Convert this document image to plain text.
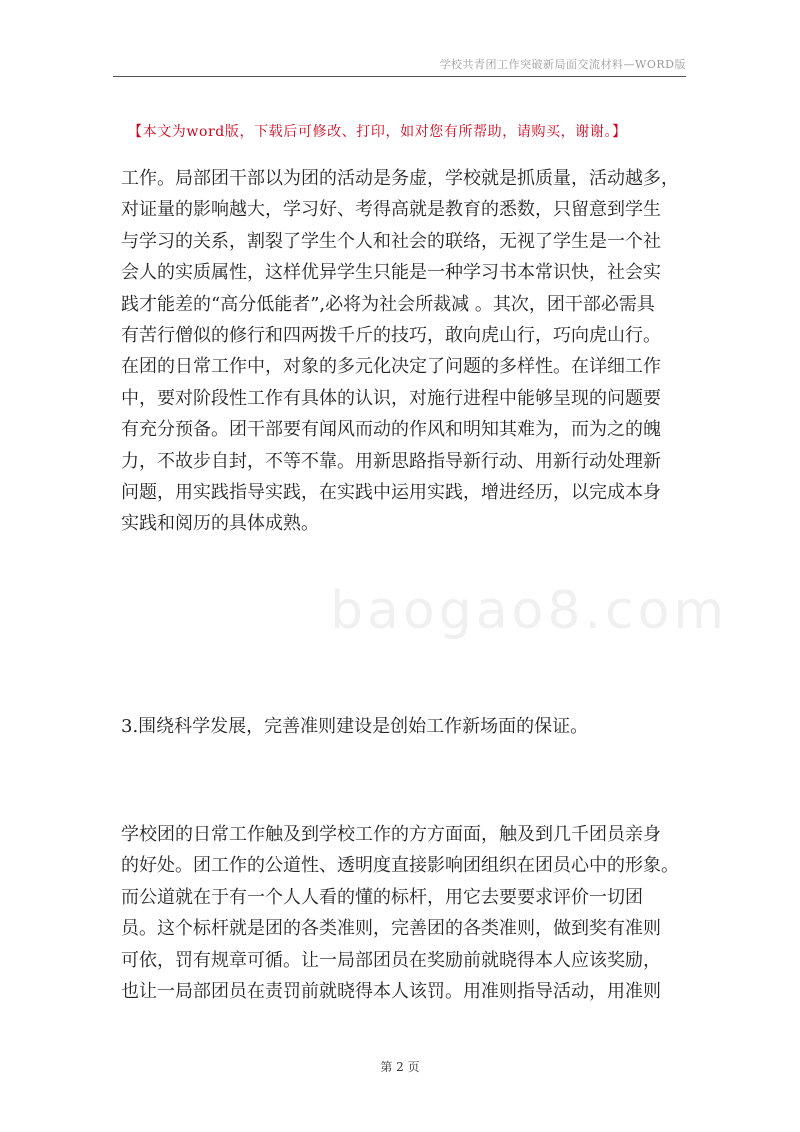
学校共青团工作突破新局面交流材料—WORD版
【本文为word版，下载后可修改、打印，如对您有所帮助，请购买，谢谢。】
baogao8.com
工作。局部团干部以为团的活动是务虚，学校就是抓质量，活动越多，
对证量的影响越大，学习好、考得高就是教育的悉数，只留意到学生
与学习的关系，割裂了学生个人和社会的联络，无视了学生是一个社
会人的实质属性，这样优异学生只能是一种学习书本常识快，社会实
践才能差的“高分低能者”,必将为社会所裁减 。其次，团干部必需具
有苦行僧似的修行和四两拨千斤的技巧，敢向虎山行，巧向虎山行。
在团的日常工作中，对象的多元化决定了问题的多样性。在详细工作
中，要对阶段性工作有具体的认识，对施行进程中能够呈现的问题要
有充分预备。团干部要有闻风而动的作风和明知其难为，而为之的魄
力，不故步自封，不等不靠。用新思路指导新行动、用新行动处理新
问题，用实践指导实践，在实践中运用实践，增进经历，以完成本身
实践和阅历的具体成熟。
3.围绕科学发展，完善准则建设是创始工作新场面的保证。
学校团的日常工作触及到学校工作的方方面面，触及到几千团员亲身
的好处。团工作的公道性、透明度直接影响团组织在团员心中的形象。
而公道就在于有一个人人看的懂的标杆，用它去要要求评价一切团
员。这个标杆就是团的各类准则，完善团的各类准则，做到奖有准则
可依，罚有规章可循。让一局部团员在奖励前就晓得本人应该奖励，
也让一局部团员在责罚前就晓得本人该罚。用准则指导活动，用准则
第 2 页
